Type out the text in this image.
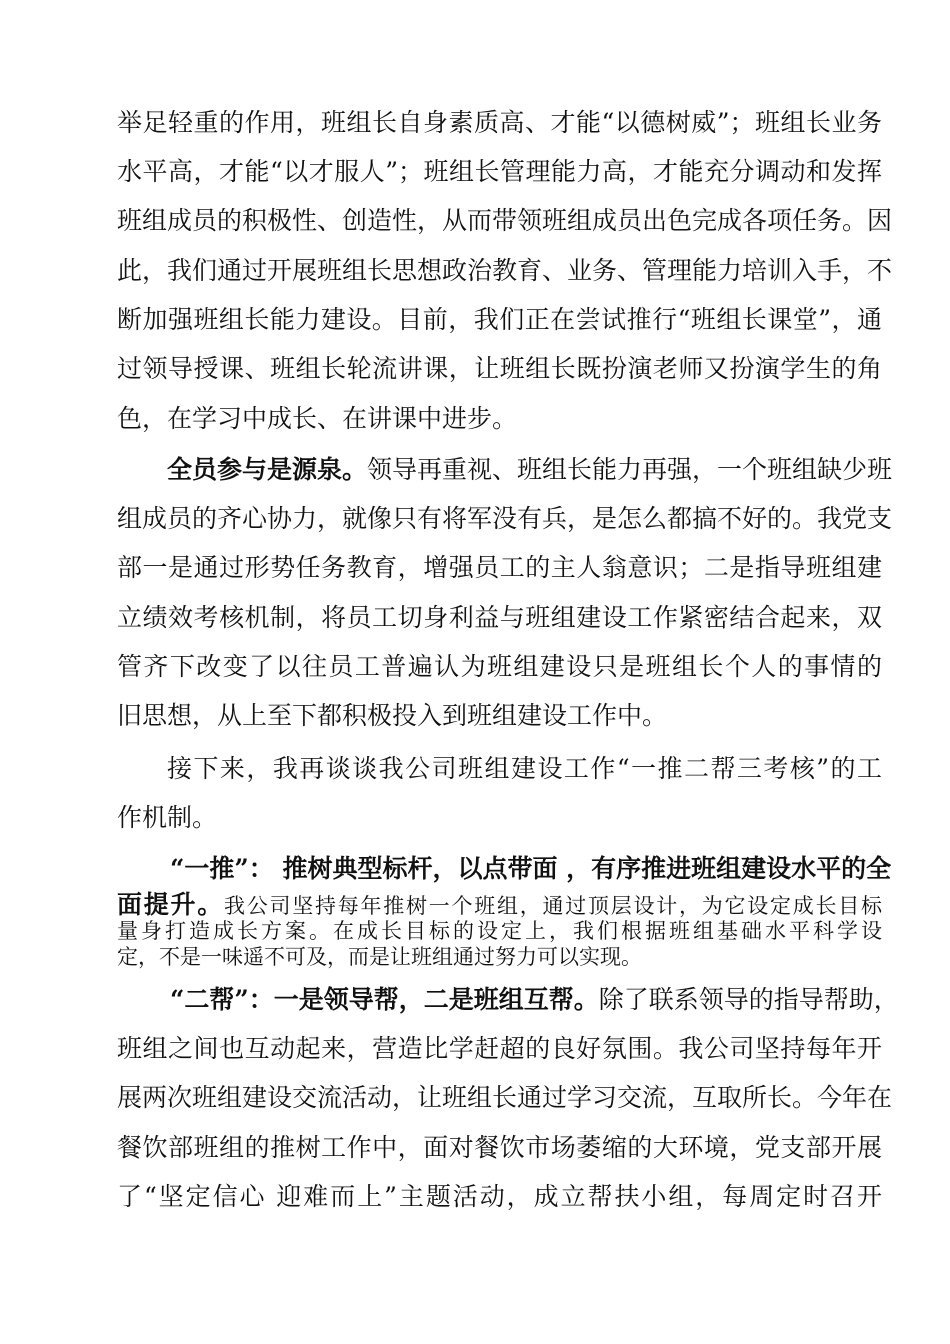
举足轻重的作用，班组长自身素质高、才能“以德树威”；班组长业务
水平高，才能“以才服人”；班组长管理能力高，才能充分调动和发挥
班组成员的积极性、创造性，从而带领班组成员出色完成各项任务。因
此，我们通过开展班组长思想政治教育、业务、管理能力培训入手，不
断加强班组长能力建设。目前，我们正在尝试推行“班组长课堂”，通
过领导授课、班组长轮流讲课，让班组长既扮演老师又扮演学生的角
色，在学习中成长、在讲课中进步。
全员参与是源泉。领导再重视、班组长能力再强，一个班组缺少班
组成员的齐心协力，就像只有将军没有兵，是怎么都搞不好的。我党支
部一是通过形势任务教育，增强员工的主人翁意识；二是指导班组建
立绩效考核机制，将员工切身利益与班组建设工作紧密结合起来，双
管齐下改变了以往员工普遍认为班组建设只是班组长个人的事情的
旧思想，从上至下都积极投入到班组建设工作中。
接下来，我再谈谈我公司班组建设工作“一推二帮三考核”的工
作机制。
“一推”： 推树典型标杆，以点带面 ，有序推进班组建设水平的全
面提升。我公司坚持每年推树一个班组，通过顶层设计，为它设定成长目标
量身打造成长方案。在成长目标的设定上，我们根据班组基础水平科学设
定，不是一味遥不可及，而是让班组通过努力可以实现。
“二帮”：一是领导帮，二是班组互帮。除了联系领导的指导帮助，
班组之间也互动起来，营造比学赶超的良好氛围。我公司坚持每年开
展两次班组建设交流活动，让班组长通过学习交流，互取所长。今年在
餐饮部班组的推树工作中，面对餐饮市场萎缩的大环境，党支部开展
了“坚定信心 迎难而上”主题活动，成立帮扶小组，每周定时召开
